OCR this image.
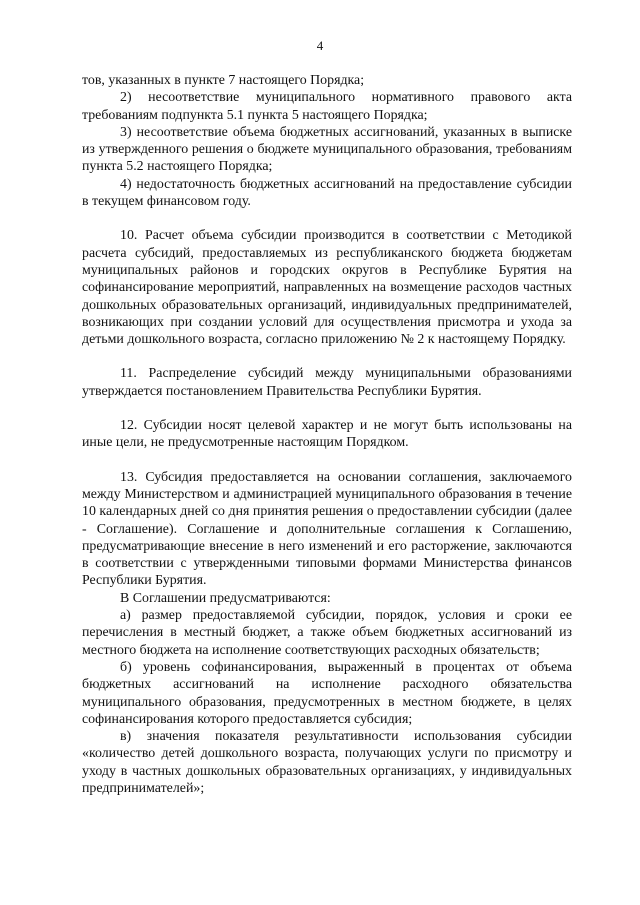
4

тов, указанных в пункте 7 настоящего Порядка;

2) несоответствие муниципального нормативного правового акта требованиям подпункта 5.1 пункта 5 настоящего Порядка;

3) несоответствие объема бюджетных ассигнований, указанных в выписке из утвержденного решения о бюджете муниципального образования, требованиям пункта 5.2 настоящего Порядка;

4) недостаточность бюджетных ассигнований на предоставление субсидии в текущем финансовом году.

10. Расчет объема субсидии производится в соответствии с Методикой расчета субсидий, предоставляемых из республиканского бюджета бюджетам муниципальных районов и городских округов в Республике Бурятия на софинансирование мероприятий, направленных на возмещение расходов частных дошкольных образовательных организаций, индивидуальных предпринимателей, возникающих при создании условий для осуществления присмотра и ухода за детьми дошкольного возраста, согласно приложению № 2 к настоящему Порядку.

11. Распределение субсидий между муниципальными образованиями утверждается постановлением Правительства Республики Бурятия.

12. Субсидии носят целевой характер и не могут быть использованы на иные цели, не предусмотренные настоящим Порядком.

13. Субсидия предоставляется на основании соглашения, заключаемого между Министерством и администрацией муниципального образования в течение 10 календарных дней со дня принятия решения о предоставлении субсидии (далее - Соглашение). Соглашение и дополнительные соглашения к Соглашению, предусматривающие внесение в него изменений и его расторжение, заключаются в соответствии с утвержденными типовыми формами Министерства финансов Республики Бурятия.

В Соглашении предусматриваются:

а) размер предоставляемой субсидии, порядок, условия и сроки ее перечисления в местный бюджет, а также объем бюджетных ассигнований из местного бюджета на исполнение соответствующих расходных обязательств;

б) уровень софинансирования, выраженный в процентах от объема бюджетных ассигнований на исполнение расходного обязательства муниципального образования, предусмотренных в местном бюджете, в целях софинансирования которого предоставляется субсидия;

в) значения показателя результативности использования субсидии «количество детей дошкольного возраста, получающих услуги по присмотру и уходу в частных дошкольных образовательных организациях, у индивидуальных предпринимателей»;
